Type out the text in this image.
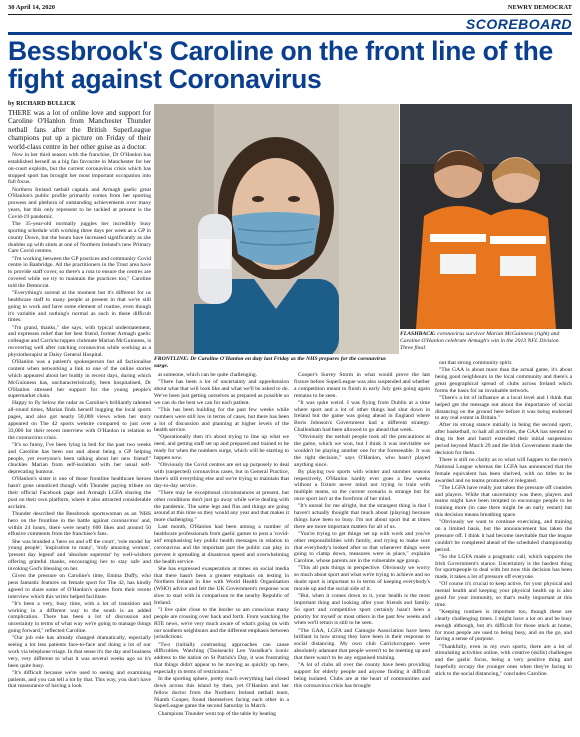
30 April 14, 2020	NEWRY DEMOCRAT
SCOREBOARD
Bessbrook's Caroline on the front line of the fight against Coronavirus
by RICHARD BULLICK

THERE was a lot of online love and support for Caroline O'Hanlon from Manchester Thunder netball fans after the British SuperLeague champions put up a picture on Friday of their world-class centre in her other guise as a doctor.

Now in her third season with the franchise, Dr O'Hanlon has established herself as a big fan favourite in Manchester for her on-court exploits, but the current coronavirus crisis which has stopped sport has brought her most important occupation into full focus.

Northern Ireland netball captain and Armagh gaelic great O'Hanlon's public profile primarily comes from her sporting prowess and plethora of outstanding achievements over many years, but this only represent to be tackled at present is the Covid-19 pandemic.

The 35-year-old normally juggles her incredibly busy sporting schedule with working three days per week as a GP in county Down, but the hours have increased significantly as she doubles up with stints at one of Northern Ireland's new Primary Care Covid centres.

"I'm working between the GP practices and community Covid centre in Banbridge. All the practitioners in the Trust area have to provide staff cover, so there's a rota to ensure the centres are covered while we try to maintain the practices too," Caroline told the Democrat.

"Everything's surreal at the moment but it's different for us healthcare staff to many people at present in that we're still going to work and have some element of routine, even though it's variable and nothing's normal as such in these difficult times.

"I'm grand, thanks," she says, with typical understatement, and expresses relief that her best friend, former Armagh gaelic colleague and Carrickcruppen clubmate Marian McGuinness, is recovering well after catching coronavirus while working as a physiotherapist at Daisy General Hospital.

O'Hanlon was a patient's spokesperson but all factionalise content when networking a link to one of the online stories which appeared about her buddy in recent days, during which McGuinness has, uncharacteristically, been hospitalised, Dr O'Hanlon stressed her support for the young people's supermarket chain.

Happy to fly below the radar as Caroline's brilliantly talented all-round times, Marian finds herself hugging the local sports pages, and also got nearly 50,000 views when her story appeared on The 42 sports website compared to just over 33,000 for their recent interview with O'Hanlon in relation to the coronavirus crisis.

"It's so funny, I've been lying in bed for the past two weeks and Caroline has been out and about being a GP helping people, yet everyone's been talking about her new friend!" chuckles Marian from self-isolation with her usual self-deprecating humour.

O'Hanlon's sister is one of those frontline healthcare heroes hasn't gone unnoticed though with Thunder paying tribute on their official Facebook page and Armagh LGFA sharing the post on their own platform, where it also attracted considerable acclaim.

Thunder described the Bessbrook sportswoman as an 'NHS hero on the frontline in the battle against coronavirus' and, within 24 hours, there were nearly 600 likes and around 50 effusive comments from the franchise's fans.

She was branded a 'hero on and off the court', 'role model for young people', 'inspiration to many', 'truly amazing woman', 'present day legend' and 'absolute superstar' by well-wishers offering grateful thanks, encouraging her to stay safe and invoking God's blessing on her.

Given the pressure on Caroline's time, Emma Duffy, who pens fantastic features on female sport for The 42, has kindly agreed to share some of O'Hanlon's quotes from their recent interview which this writer helped facilitate.

"It's been a very, busy time, with a lot of transition and working in a different way to the south is an added complication. There has been a lot of discussion and uncertainty in terms of what way we're going to manage things going forward," reflected Caroline.

"Our job role has already changed dramatically, especially seeing a lot less patients face-to-face and doing a lot of our work via telephone triage. In that sense it's the day and business very, very different to what it was several weeks ago so it's been quite busy.

"It's difficult because we're used to seeing and examining patients, and you can tell a lot by that. This way, you don't have that reassurance of having a look

FRONTLINE: Dr Caroline O'Hanlon on duty last Friday as the NHS prepares for the coronavirus surge.
FLASHBACK: coronavirus survivor Marian McGuinness (right) and Caroline O'Hanlon celebrate Armagh's win in the 2013 NFL Division Three final.

at someone, which can be quite challenging.

"There has been a lot of uncertainty and apprehension about what that will look like and what we'll be asked to do. We've been just getting ourselves as prepared as possible so we can do the best we can for each patient.

"This has been building for the past few weeks while numbers were still low in terms of cases, but there has been a lot of discussion and planning at higher levels of the health service.

"Operationally then it's about trying to line up what we need, and getting staff set up and prepared and trained to be ready for when the numbers surge, which will be starting to happen now.

"Obviously the Covid centres are set up purposely to deal with (suspected) coronavirus cases, but in General Practice, there's still everything else and we're trying to maintain that day-to-day service.

"There may be exceptional circumstances at present, but other conditions don't just go away while we're dealing with the pandemic. The same legs and flus and things are going around at this time so they would any year and that makes it more challenging."

Last month, O'Hanlon had been among a number of healthcare professionals from gaelic games to post a 'covid-aid' emphasising key public health messages in relation to coronavirus and the important part the public can play in prevent it spreading at disastrous speed and overwhelming the health service.

She has expressed exasperation at times on social media that there hasn't been a greater emphasis on testing in Northern Ireland in line with World Health Organisation (WHO) advice and felt the UK Government's response was slow to start with in comparison to the nearby Republic of Ireland.

"I live quite close to the border so am conscious many people are crossing over back and forth. From watching the RTE news, we're very much aware of what's going on with our southern neighbours and the different emphasis between jurisdictions.

"Two (initially contrasting approaches can cause difficulties. Watching (Taoiseach) Leo Varadkar's iconic address to the nation on St Patrick's Day, it was frustrating that things didn't appear to be moving as quickly up here, especially in terms of restrictions."

In the sporting sphere, pretty much everything had closed down across this island by then, yet O'Hanlon and her fellow doctor from the Northern Ireland netball team, Niamh Cooper, found themselves facing each other in a SuperLeague game the second Saturday in March.

Champions Thunder went top of the table by beating

Cooper's Surrey Storm in what would prove the last fixture before SuperLeague was also suspended and whether a competition meant to finish in early July gets going again remains to be seen.

"It was quite weird. I was flying from Dublin at a time where sport and a lot of other things had shut down in Ireland but the game was going ahead in England where Boris Johnson's Government had a different strategy. Challenham had been allowed to go ahead that week.

"Obviously the netball people took all the precautions at the game, which we won, but I think it was inevitable we wouldn't be playing another one for the foreseeable. It was the right decision," says O'Hanlon, who hasn't played anything since.

By playing two sports with winter and summer seasons respectively, O'Hanlon hardly ever goes a few weeks without a fixture never mind not trying to train with multiple teams, so the current scenario is strange but for once sport isn't at the forefront of her mind.

"It's unreal for me alright, but the strangest thing is that I haven't actually thought that much about (playing) because things have been so busy. I'm not about sport but at times there are more important matters for all of us.

"You're trying to get things set up with work and you've other responsibilities with family, and trying to make sure that everybody's looked after so that whenever things were going to clamp down, measures were in place," explains Caroline, whose parents are in the vulnerable age group.

"This all puts things in perspective. Obviously we worry so much about sport and what we're trying to achieve and no doubt sport is important to in terms of keeping everybody's morale up and the social side of it.

"But, when it comes down to it, your health is the most important thing and looking after your friends and family. So sport and competitive sport certainly hasn't been a priority for myself or most others in the past few weeks and when we'll return is still to be seen.

"The GAA, LGFA and Camogie Association have been brilliant in how strong they have been in their response to social distancing. My own club Carrickcruppen were absolutely adamant that people weren't to be meeting up and that there wasn't to be any organised training.

"A lot of clubs all over the county have been providing support for elderly people and anyone finding it difficult being isolated. Clubs are at the heart of communities and this coronavirus crisis has brought

out that strong community spirit.

"The GAA is about more than the actual game, it's about being good neighbours in the local community and there's a great geographical spread of clubs across Ireland which forms the basis for an invaluable network.

"There's a lot of influence at a local level and I think that helped get the message out about the importance of social distancing on the ground here before it was being endorsed to any real extent in Britain."

After its strong stance initially in being the second sport, after basketball, to halt all activities, the GAA has seemed to drag its feet and hasn't extended their initial suspension period beyond March 29 and the Irish Government made the decision for them.

There is still no clarity as to what will happen to the men's National League whereas the LGFA has announced that the female equivalent has been shelved, with no titles to be awarded and no teams promoted or relegated.

"The LGFA have really just taken the pressure off counties and players. While that uncertainty was there, players and teams might have been tempted to encourage people to be training more (in case there might be an early restart) but this decision means breathing space.

"Obviously we want to continue exercising, and training on a limited basis, but the announcement has taken the pressure off. I think it had become inevitable that the league couldn't be completed ahead of the scheduled championship period.

"So the LGFA made a pragmatic call, which supports the Irish Government's stance. Uncertainty is the hardest thing for sportspeople to deal with but now this decision has been made, it takes a lot of pressure off everyone.

"Of course it's crucial to keep active, for your physical and mental health and keeping your physical health up is also good for your immunity, so that's really important at this time.

"Keeping routines is important too, though these are clearly challenging times. I might have a lot on and be busy enough although, but it's difficult for those stuck at home, for most people are used to being busy, and on the go, and having a sense of purpose.

"Thankfully, even in my own sports, there are a lot of stimulating activities online, with creative (skills) challenges and the gaelic focus, being a very positive thing and hopefully occupy the younger ones when they're facing to stick to the social distancing," concludes Caroline.
